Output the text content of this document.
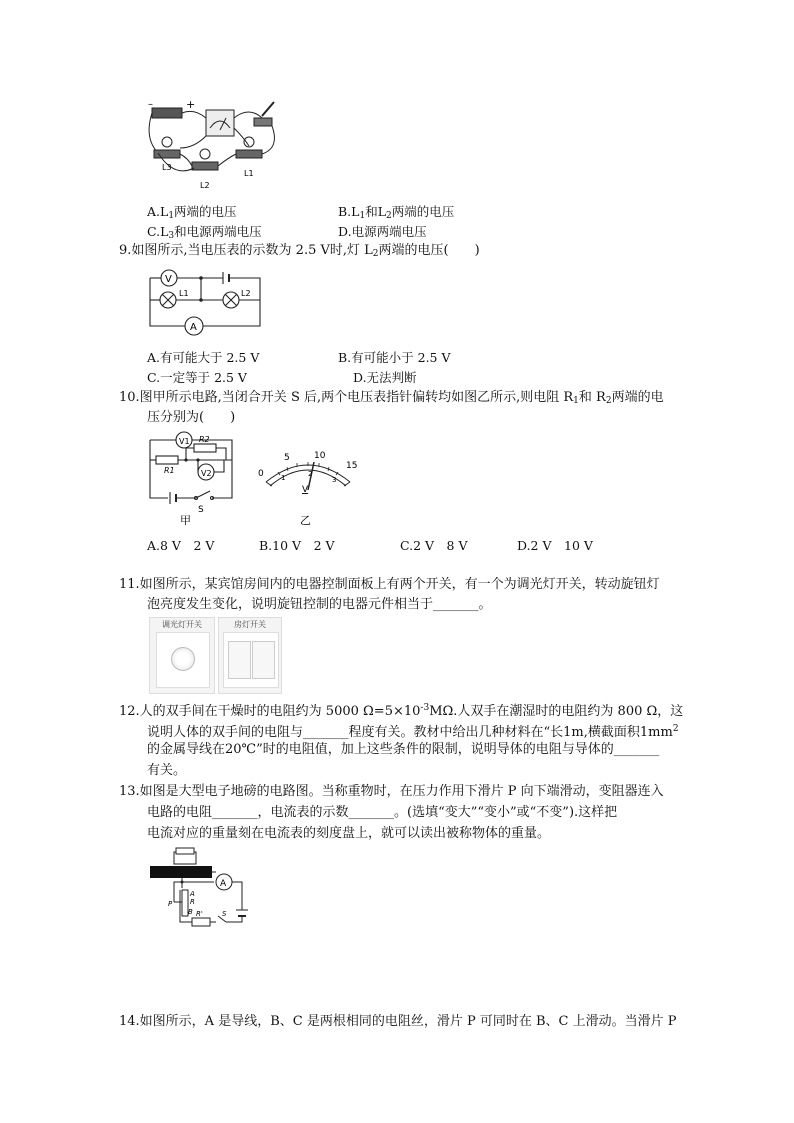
–	+
L3
L2
L1
$A.L_1$两端的电压	$B.L_1$和$L_2$两端的电压
$C.L_3$和电源两端电压	D.电源两端电压
9.如图所示,当电压表的示数为 2.5 V时,灯 $L_2$两端的电压(　　)
V
L1	L2
A
A.有可能大于 2.5 V	B.有可能小于 2.5 V
C.一定等于 2.5 V	D.无法判断
10.图甲所示电路,当闭合开关 S 后,两个电压表指针偏转均如图乙所示,则电阻 $R_1$和 $R_2$两端的电
压分别为(　　)
V1 R2
R1	V2
S
甲
0
5	10
15
1	2
3
V
乙
A.8 V　2 V	B.10 V　2 V	C.2 V　8 V	D.2 V　10 V
11.如图所示，某宾馆房间内的电器控制面板上有两个开关，有一个为调光灯开关，转动旋钮灯
泡亮度发生变化，说明旋钮控制的电器元件相当于_______。
调光灯开关	房灯开关
12.人的双手间在干燥时的电阻约为 5000 $\Omega=5\times 10^{-3}M\Omega$.人双手在潮湿时的电阻约为 800 Ω，这
说明人体的双手间的电阻与_______程度有关。教材中给出几种材料在“长1m,横截面积$1mm^2$
的金属导线在20℃”时的电阻值，加上这些条件的限制，说明导体的电阻与导体的_______
有关。
13.如图是大型电子地磅的电路图。当称重物时，在压力作用下滑片 P 向下端滑动，变阻器连入
电路的电阻_______，电流表的示数_______。(选填“变大”“变小”或“不变”).这样把
电流对应的重量刻在电流表的刻度盘上，就可以读出被称物体的重量。
A
A
R
B
P
R'	S
14.如图所示，A 是导线，B、C 是两根相同的电阻丝，滑片 P 可同时在 B、C 上滑动。当滑片 P
